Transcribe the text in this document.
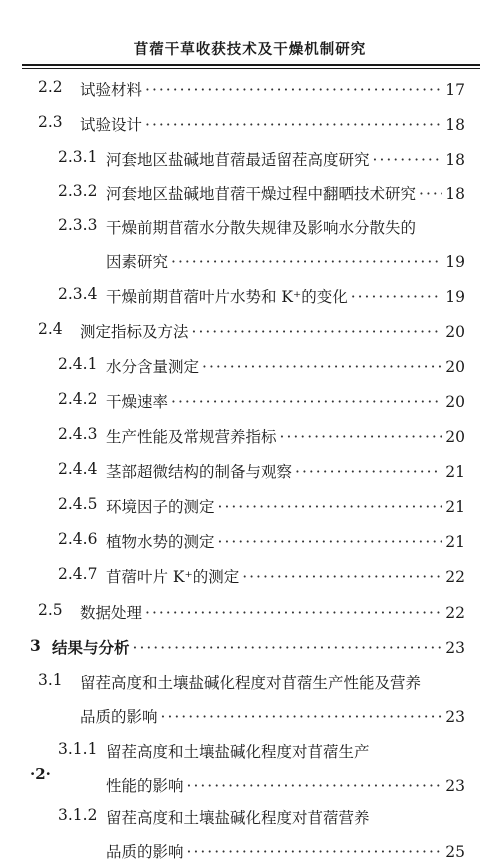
苜蓿干草收获技术及干燥机制研究
2.2 试验材料 ·····	17
2.3 试验设计 ·····	18
2.3.1 河套地区盐碱地苜蓿最适留茬高度研究 ·····	18
2.3.2 河套地区盐碱地苜蓿干燥过程中翻晒技术研究 ····· 18
2.3.3 干燥前期苜蓿水分散失规律及影响水分散失的
因素研究 ·····	19
2.3.4 干燥前期苜蓿叶片水势和 K⁺的变化 ·····	19
2.4 测定指标及方法 ·····	20
2.4.1 水分含量测定 ·····	20
2.4.2 干燥速率 ·····	20
2.4.3 生产性能及常规营养指标 ·····	20
2.4.4 茎部超微结构的制备与观察 ·····	21
2.4.5 环境因子的测定 ·····	21
2.4.6 植物水势的测定 ·····	21
2.4.7 苜蓿叶片 K⁺的测定 ·····	22
2.5 数据处理 ·····	22
3 结果与分析 ·····	23
3.1 留茬高度和土壤盐碱化程度对苜蓿生产性能及营养
品质的影响 ·····	23
3.1.1 留茬高度和土壤盐碱化程度对苜蓿生产
性能的影响 ·····	23
3.1.2 留茬高度和土壤盐碱化程度对苜蓿营养
品质的影响 ·····	25
·2·
